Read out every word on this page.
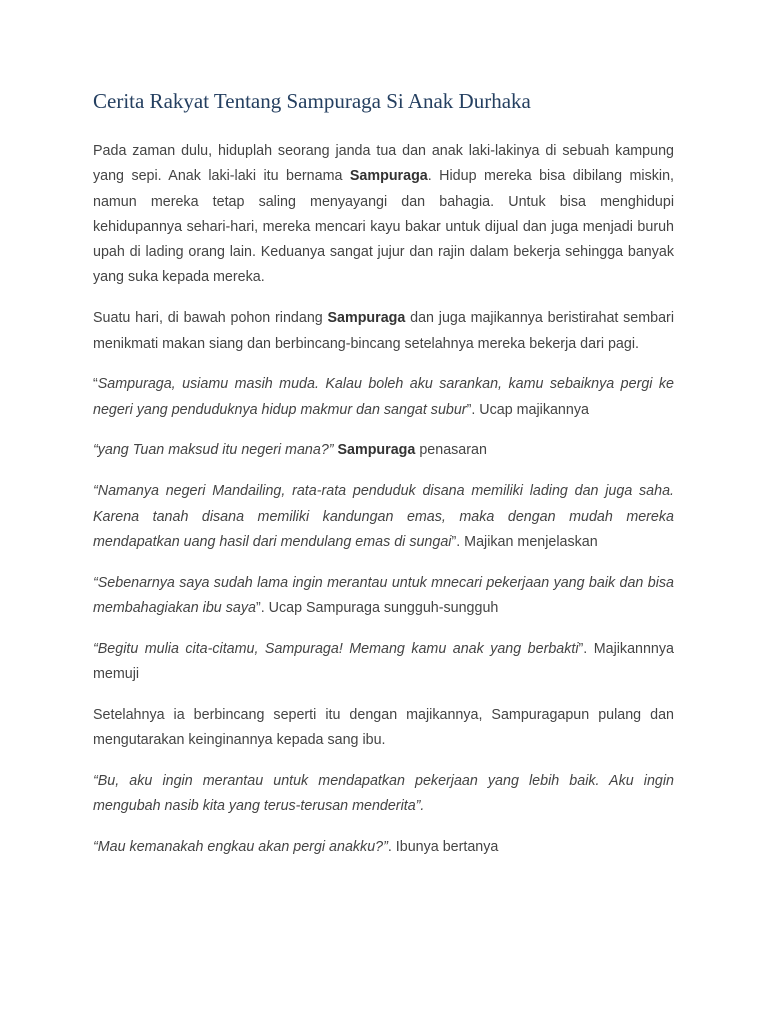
Cerita Rakyat Tentang Sampuraga Si Anak Durhaka

Pada zaman dulu, hiduplah seorang janda tua dan anak laki-lakinya di sebuah kampung yang sepi. Anak laki-laki itu bernama Sampuraga. Hidup mereka bisa dibilang miskin, namun mereka tetap saling menyayangi dan bahagia. Untuk bisa menghidupi kehidupannya sehari-hari, mereka mencari kayu bakar untuk dijual dan juga menjadi buruh upah di lading orang lain. Keduanya sangat jujur dan rajin dalam bekerja sehingga banyak yang suka kepada mereka.

Suatu hari, di bawah pohon rindang Sampuraga dan juga majikannya beristirahat sembari menikmati makan siang dan berbincang-bincang setelahnya mereka bekerja dari pagi.

“Sampuraga, usiamu masih muda. Kalau boleh aku sarankan, kamu sebaiknya pergi ke negeri yang penduduknya hidup makmur dan sangat subur”. Ucap majikannya

“yang Tuan maksud itu negeri mana?” Sampuraga penasaran

“Namanya negeri Mandailing, rata-rata penduduk disana memiliki lading dan juga saha. Karena tanah disana memiliki kandungan emas, maka dengan mudah mereka mendapatkan uang hasil dari mendulang emas di sungai”. Majikan menjelaskan

“Sebenarnya saya sudah lama ingin merantau untuk mnecari pekerjaan yang baik dan bisa membahagiakan ibu saya”. Ucap Sampuraga sungguh-sungguh

“Begitu mulia cita-citamu, Sampuraga! Memang kamu anak yang berbakti”. Majikannnya memuji

Setelahnya ia berbincang seperti itu dengan majikannya, Sampuragapun pulang dan mengutarakan keinginannya kepada sang ibu.

“Bu, aku ingin merantau untuk mendapatkan pekerjaan yang lebih baik. Aku ingin mengubah nasib kita yang terus-terusan menderita”.

“Mau kemanakah engkau akan pergi anakku?”. Ibunya bertanya
